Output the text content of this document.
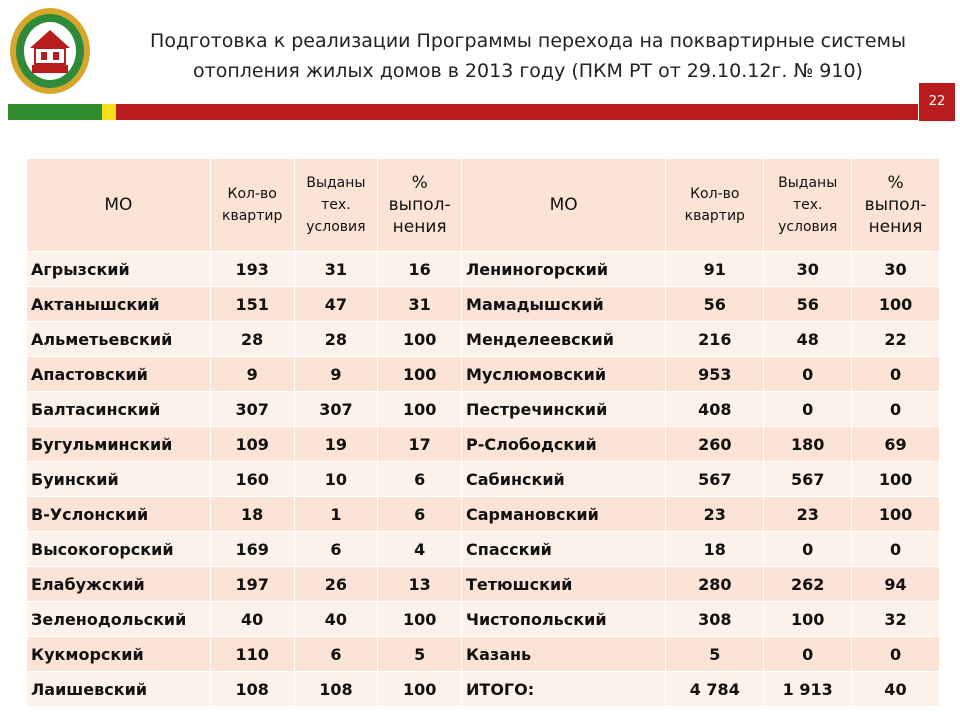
Подготовка к реализации Программы перехода на поквартирные системы
отопления жилых домов в 2013 году (ПКМ РТ от 29.10.12г. № 910)
22
МО	Кол-во квартир	Выданы тех. условия	% выпол-нения	МО	Кол-во квартир	Выданы тех. условия	% выпол-нения
Агрызский	193	31	16	Лениногорский	91	30	30
Актанышский	151	47	31	Мамадышский	56	56	100
Альметьевский	28	28	100	Менделеевский	216	48	22
Апастовский	9	9	100	Муслюмовский	953	0	0
Балтасинский	307	307	100	Пестречинский	408	0	0
Бугульминский	109	19	17	Р-Слободский	260	180	69
Буинский	160	10	6	Сабинский	567	567	100
В-Услонский	18	1	6	Сармановский	23	23	100
Высокогорский	169	6	4	Спасский	18	0	0
Елабужский	197	26	13	Тетюшский	280	262	94
Зеленодольский	40	40	100	Чистопольский	308	100	32
Кукморский	110	6	5	Казань	5	0	0
Лаишевский	108	108	100	ИТОГО:	4 784	1 913	40
